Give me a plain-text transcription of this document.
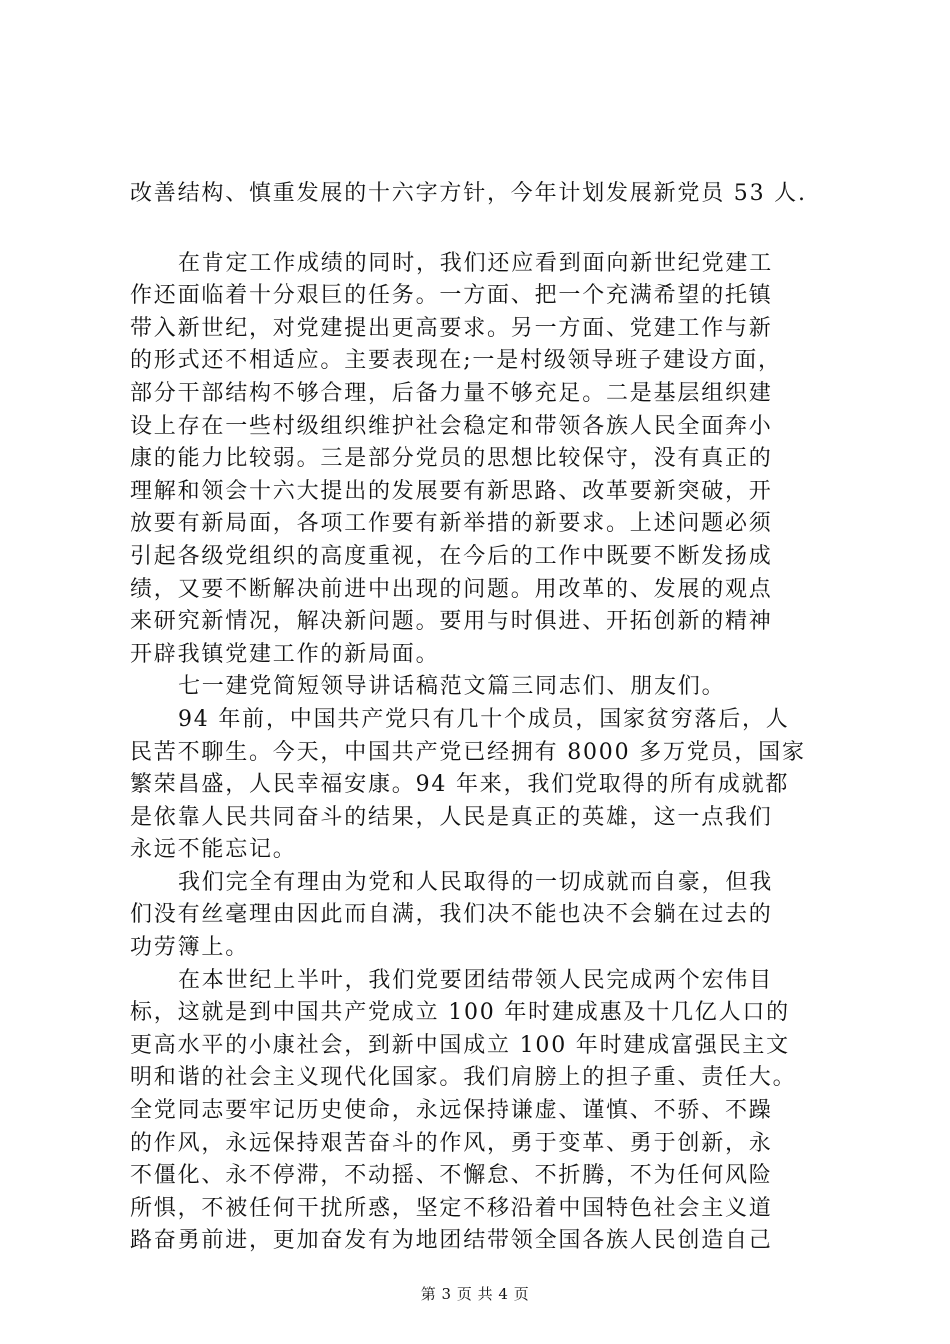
改善结构、慎重发展的十六字方针，今年计划发展新党员 53 人.
在肯定工作成绩的同时，我们还应看到面向新世纪党建工
作还面临着十分艰巨的任务。一方面、把一个充满希望的托镇
带入新世纪，对党建提出更高要求。另一方面、党建工作与新
的形式还不相适应。主要表现在;一是村级领导班子建设方面，
部分干部结构不够合理，后备力量不够充足。二是基层组织建
设上存在一些村级组织维护社会稳定和带领各族人民全面奔小
康的能力比较弱。三是部分党员的思想比较保守，没有真正的
理解和领会十六大提出的发展要有新思路、改革要新突破，开
放要有新局面，各项工作要有新举措的新要求。上述问题必须
引起各级党组织的高度重视，在今后的工作中既要不断发扬成
绩，又要不断解决前进中出现的问题。用改革的、发展的观点
来研究新情况，解决新问题。要用与时俱进、开拓创新的精神
开辟我镇党建工作的新局面。
七一建党简短领导讲话稿范文篇三同志们、朋友们。
94 年前，中国共产党只有几十个成员，国家贫穷落后，人
民苦不聊生。今天，中国共产党已经拥有 8000 多万党员，国家
繁荣昌盛，人民幸福安康。94 年来，我们党取得的所有成就都
是依靠人民共同奋斗的结果，人民是真正的英雄，这一点我们
永远不能忘记。
我们完全有理由为党和人民取得的一切成就而自豪，但我
们没有丝毫理由因此而自满，我们决不能也决不会躺在过去的
功劳簿上。
在本世纪上半叶，我们党要团结带领人民完成两个宏伟目
标，这就是到中国共产党成立 100 年时建成惠及十几亿人口的
更高水平的小康社会，到新中国成立 100 年时建成富强民主文
明和谐的社会主义现代化国家。我们肩膀上的担子重、责任大。
全党同志要牢记历史使命，永远保持谦虚、谨慎、不骄、不躁
的作风，永远保持艰苦奋斗的作风，勇于变革、勇于创新，永
不僵化、永不停滞，不动摇、不懈怠、不折腾，不为任何风险
所惧，不被任何干扰所惑，坚定不移沿着中国特色社会主义道
路奋勇前进，更加奋发有为地团结带领全国各族人民创造自己
第 3 页 共 4 页
